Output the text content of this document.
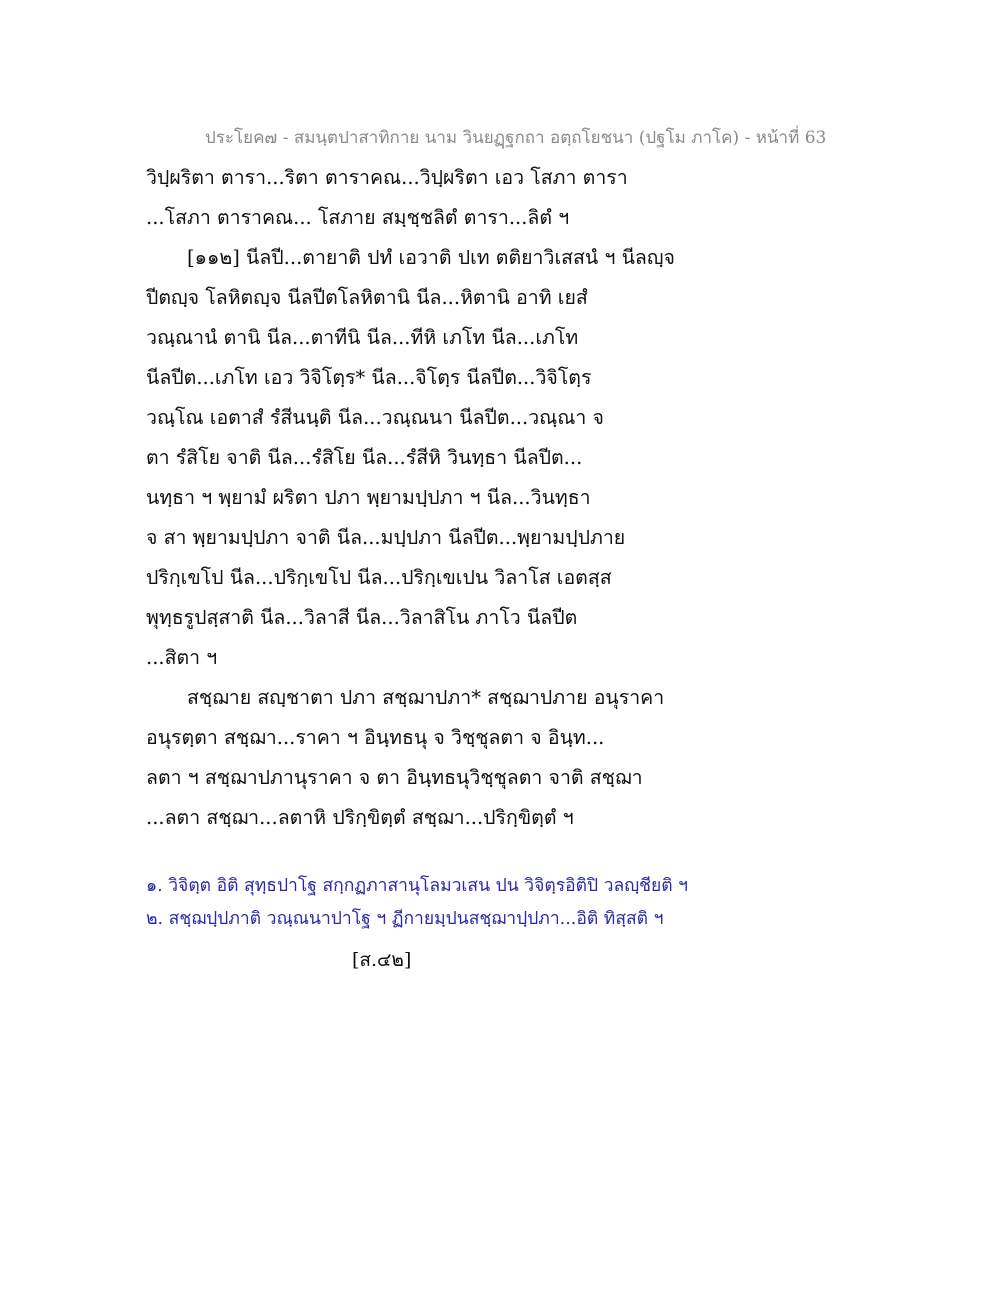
ประโยค๗ - สมนฺตปาสาทิกาย นาม วินยฏฺฐกถา อตฺถโยชนา (ปฐโม ภาโค) - หน้าที่ 63
วิปฺผริตา ตารา...ริตา ตาราคณ...วิปฺผริตา เอว โสภา ตารา
...โสภา ตาราคณ... โสภาย สมฺชฺชลิตํ ตารา...ลิตํ ฯ
[๑๑๒] นีลปี...ตายาติ ปทํ เอวาติ ปเท ตติยาวิเสสนํ ฯ นีลญฺจ
ปีตญฺจ โลหิตญฺจ นีลปีตโลหิตานิ นีล...หิตานิ อาทิ เยสํ
วณฺณานํ ตานิ นีล...ตาทีนิ นีล...ทีหิ เภโท นีล...เภโท
นีลปีต...เภโท เอว วิจิโตฺร* นีล...จิโตฺร นีลปีต...วิจิโตฺร
วณฺโณ เอตาสํ รํสีนนฺติ นีล...วณฺณนา นีลปีต...วณฺณา จ
ตา รํสิโย จาติ นีล...รํสิโย นีล...รํสีหิ วินทฺธา นีลปีต...
นทฺธา ฯ พฺยามํ ผริตา ปภา พฺยามปฺปภา ฯ นีล...วินทฺธา
จ สา พฺยามปฺปภา จาติ นีล...มปฺปภา นีลปีต...พฺยามปฺปภาย
ปริกฺเขโป นีล...ปริกฺเขโป นีล...ปริกฺเขเปน วิลาโส เอตสฺส
พุทฺธรูปสฺสาติ นีล...วิลาสี นีล...วิลาสิโน ภาโว นีลปีต
...สิตา ฯ
สชฺฌาย สญฺชาตา ปภา สชฺฌาปภา* สชฺฌาปภาย อนุราคา
อนุรตฺตา สชฺฌา...ราคา ฯ อินฺทธนุ จ วิชฺชุลตา จ อินฺท...
ลตา ฯ สชฺฌาปภานุราคา จ ตา อินฺทธนุวิชฺชุลตา จาติ สชฺฌา
...ลตา สชฺฌา...ลตาหิ ปริกฺขิตฺตํ สชฺฌา...ปริกฺขิตฺตํ ฯ
๑. วิจิตฺต อิติ สุทฺธปาโฐ สกฺกฏภาสานุโลมวเสน ปน วิจิตฺรอิติปิ วลญฺชียติ ฯ
๒. สชฺฌปฺปภาติ วณฺณนาปาโฐ ฯ ฏีกายมฺปนสชฺฌาปฺปภา...อิติ ทิสฺสติ ฯ
[ส.๔๒]
